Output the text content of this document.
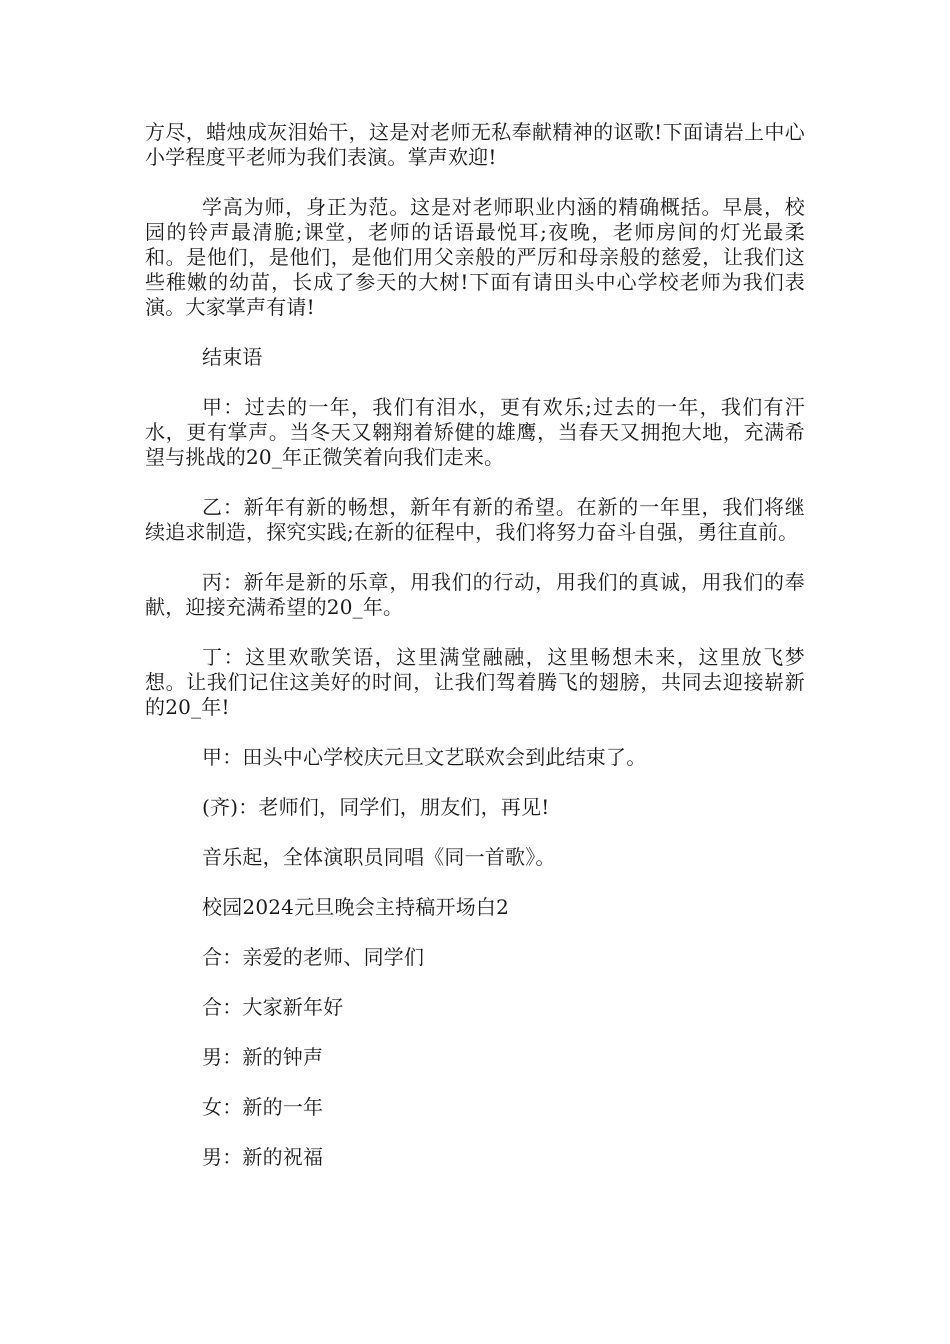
方尽，蜡烛成灰泪始干，这是对老师无私奉献精神的讴歌!下面请岩上中心小学程度平老师为我们表演。掌声欢迎!

学高为师，身正为范。这是对老师职业内涵的精确概括。早晨，校园的铃声最清脆;课堂，老师的话语最悦耳;夜晚，老师房间的灯光最柔和。是他们，是他们，是他们用父亲般的严厉和母亲般的慈爱，让我们这些稚嫩的幼苗，长成了参天的大树!下面有请田头中心学校老师为我们表演。大家掌声有请!

结束语

甲：过去的一年，我们有泪水，更有欢乐;过去的一年，我们有汗水，更有掌声。当冬天又翱翔着矫健的雄鹰，当春天又拥抱大地，充满希望与挑战的20_年正微笑着向我们走来。

乙：新年有新的畅想，新年有新的希望。在新的一年里，我们将继续追求制造，探究实践;在新的征程中，我们将努力奋斗自强，勇往直前。

丙：新年是新的乐章，用我们的行动，用我们的真诚，用我们的奉献，迎接充满希望的20_年。

丁：这里欢歌笑语，这里满堂融融，这里畅想未来，这里放飞梦想。让我们记住这美好的时间，让我们驾着腾飞的翅膀，共同去迎接崭新的20_年!

甲：田头中心学校庆元旦文艺联欢会到此结束了。

(齐)：老师们，同学们，朋友们，再见!

音乐起，全体演职员同唱《同一首歌》。

校园2024元旦晚会主持稿开场白2

合：亲爱的老师、同学们

合：大家新年好

男：新的钟声

女：新的一年

男：新的祝福
